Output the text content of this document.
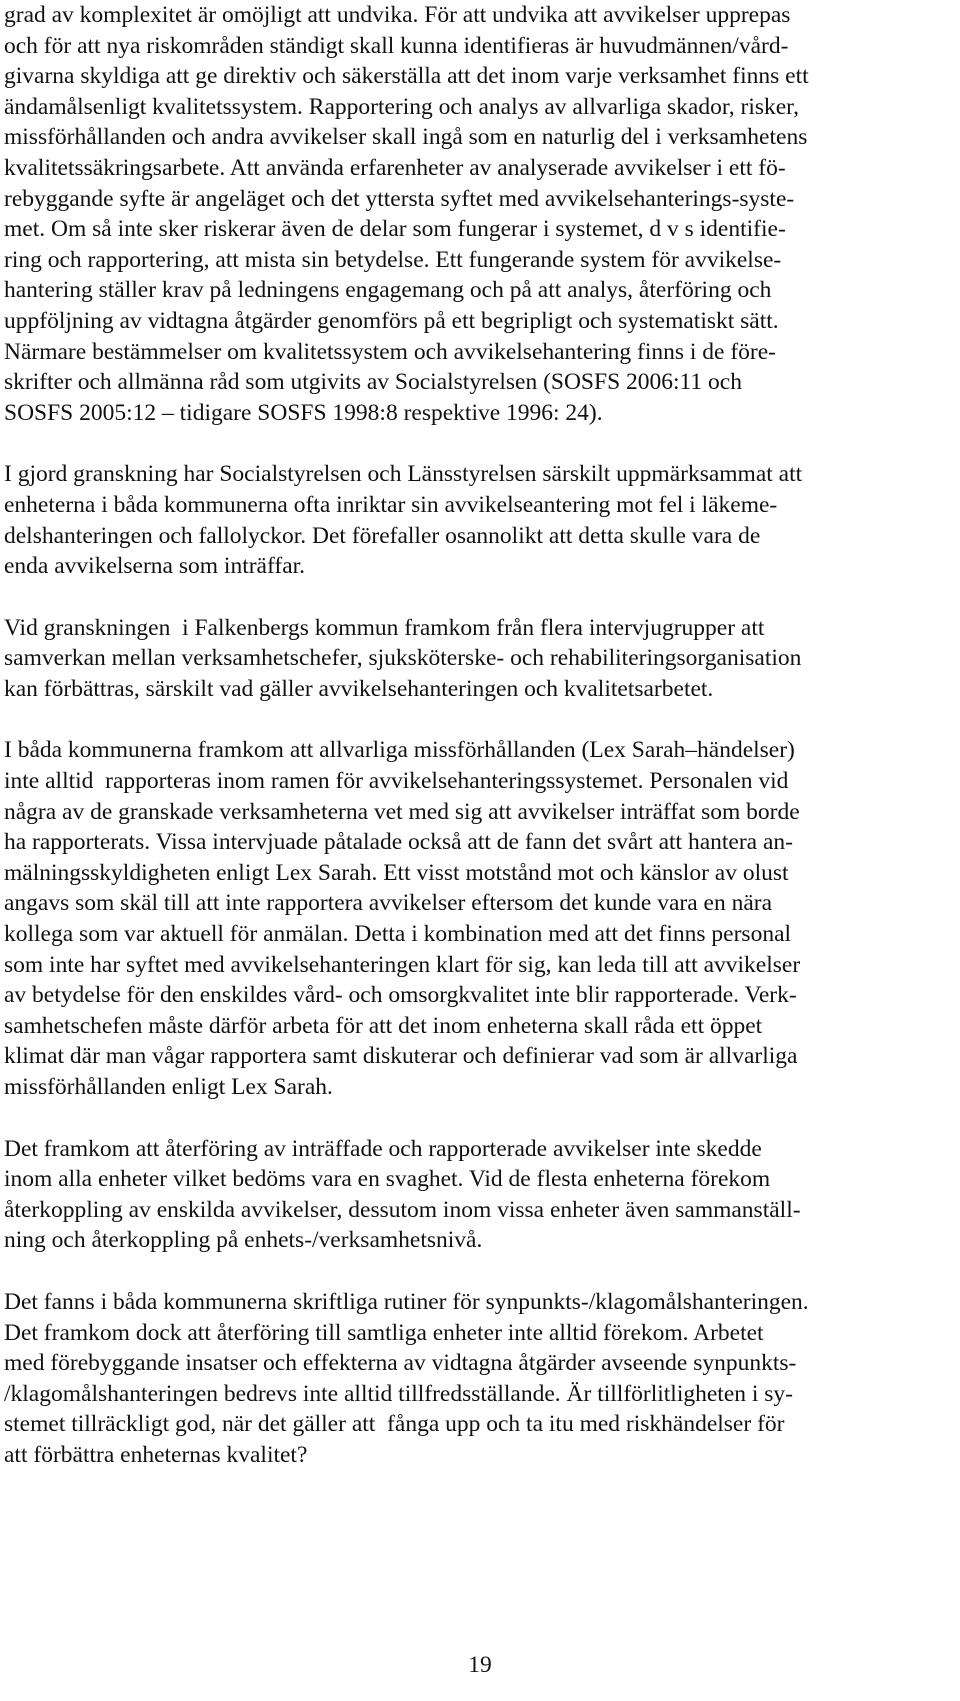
grad av komplexitet är omöjligt att undvika. För att undvika att avvikelser upprepas
och för att nya riskområden ständigt skall kunna identifieras är huvudmännen/vård-
givarna skyldiga att ge direktiv och säkerställa att det inom varje verksamhet finns ett
ändamålsenligt kvalitetssystem. Rapportering och analys av allvarliga skador, risker,
missförhållanden och andra avvikelser skall ingå som en naturlig del i verksamhetens
kvalitetssäkringsarbete. Att använda erfarenheter av analyserade avvikelser i ett fö-
rebyggande syfte är angeläget och det yttersta syftet med avvikelsehanterings-syste-
met. Om så inte sker riskerar även de delar som fungerar i systemet, d v s identifie-
ring och rapportering, att mista sin betydelse. Ett fungerande system för avvikelse-
hantering ställer krav på ledningens engagemang och på att analys, återföring och
uppföljning av vidtagna åtgärder genomförs på ett begripligt och systematiskt sätt.
Närmare bestämmelser om kvalitetssystem och avvikelsehantering finns i de före-
skrifter och allmänna råd som utgivits av Socialstyrelsen (SOSFS 2006:11 och
SOSFS 2005:12 – tidigare SOSFS 1998:8 respektive 1996: 24).

I gjord granskning har Socialstyrelsen och Länsstyrelsen särskilt uppmärksammat att
enheterna i båda kommunerna ofta inriktar sin avvikelseantering mot fel i läkeme-
delshanteringen och fallolyckor. Det förefaller osannolikt att detta skulle vara de
enda avvikelserna som inträffar.

Vid granskningen  i Falkenbergs kommun framkom från flera intervjugrupper att
samverkan mellan verksamhetschefer, sjuksköterske- och rehabiliteringsorganisation
kan förbättras, särskilt vad gäller avvikelsehanteringen och kvalitetsarbetet.

I båda kommunerna framkom att allvarliga missförhållanden (Lex Sarah–händelser)
inte alltid  rapporteras inom ramen för avvikelsehanteringssystemet. Personalen vid
några av de granskade verksamheterna vet med sig att avvikelser inträffat som borde
ha rapporterats. Vissa intervjuade påtalade också att de fann det svårt att hantera an-
mälningsskyldigheten enligt Lex Sarah. Ett visst motstånd mot och känslor av olust
angavs som skäl till att inte rapportera avvikelser eftersom det kunde vara en nära
kollega som var aktuell för anmälan. Detta i kombination med att det finns personal
som inte har syftet med avvikelsehanteringen klart för sig, kan leda till att avvikelser
av betydelse för den enskildes vård- och omsorgkvalitet inte blir rapporterade. Verk-
samhetschefen måste därför arbeta för att det inom enheterna skall råda ett öppet
klimat där man vågar rapportera samt diskuterar och definierar vad som är allvarliga
missförhållanden enligt Lex Sarah.

Det framkom att återföring av inträffade och rapporterade avvikelser inte skedde
inom alla enheter vilket bedöms vara en svaghet. Vid de flesta enheterna förekom
återkoppling av enskilda avvikelser, dessutom inom vissa enheter även sammanställ-
ning och återkoppling på enhets-/verksamhetsnivå.

Det fanns i båda kommunerna skriftliga rutiner för synpunkts-/klagomålshanteringen.
Det framkom dock att återföring till samtliga enheter inte alltid förekom. Arbetet
med förebyggande insatser och effekterna av vidtagna åtgärder avseende synpunkts-
/klagomålshanteringen bedrevs inte alltid tillfredsställande. Är tillförlitligheten i sy-
stemet tillräckligt god, när det gäller att  fånga upp och ta itu med riskhändelser för
att förbättra enheternas kvalitet?

19
